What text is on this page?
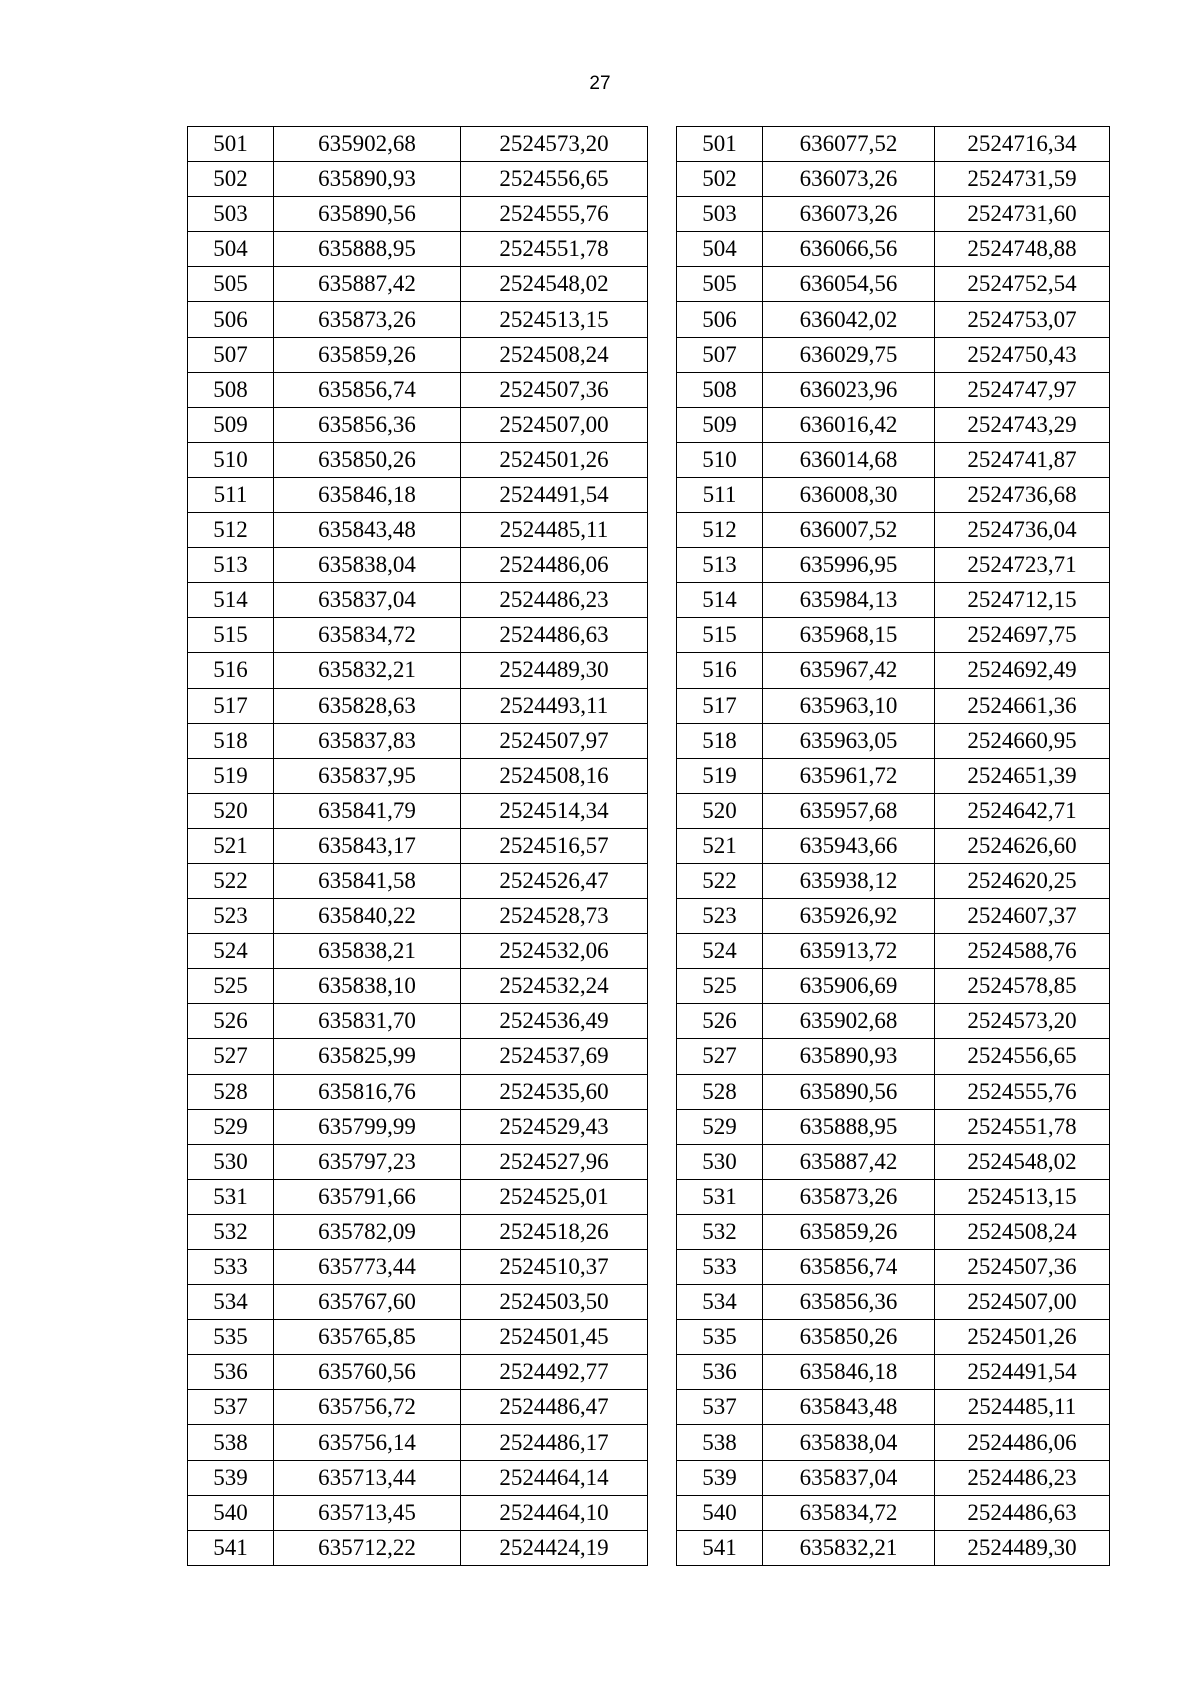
27
501	635902,68	2524573,20
502	635890,93	2524556,65
503	635890,56	2524555,76
504	635888,95	2524551,78
505	635887,42	2524548,02
506	635873,26	2524513,15
507	635859,26	2524508,24
508	635856,74	2524507,36
509	635856,36	2524507,00
510	635850,26	2524501,26
511	635846,18	2524491,54
512	635843,48	2524485,11
513	635838,04	2524486,06
514	635837,04	2524486,23
515	635834,72	2524486,63
516	635832,21	2524489,30
517	635828,63	2524493,11
518	635837,83	2524507,97
519	635837,95	2524508,16
520	635841,79	2524514,34
521	635843,17	2524516,57
522	635841,58	2524526,47
523	635840,22	2524528,73
524	635838,21	2524532,06
525	635838,10	2524532,24
526	635831,70	2524536,49
527	635825,99	2524537,69
528	635816,76	2524535,60
529	635799,99	2524529,43
530	635797,23	2524527,96
531	635791,66	2524525,01
532	635782,09	2524518,26
533	635773,44	2524510,37
534	635767,60	2524503,50
535	635765,85	2524501,45
536	635760,56	2524492,77
537	635756,72	2524486,47
538	635756,14	2524486,17
539	635713,44	2524464,14
540	635713,45	2524464,10
541	635712,22	2524424,19
501	636077,52	2524716,34
502	636073,26	2524731,59
503	636073,26	2524731,60
504	636066,56	2524748,88
505	636054,56	2524752,54
506	636042,02	2524753,07
507	636029,75	2524750,43
508	636023,96	2524747,97
509	636016,42	2524743,29
510	636014,68	2524741,87
511	636008,30	2524736,68
512	636007,52	2524736,04
513	635996,95	2524723,71
514	635984,13	2524712,15
515	635968,15	2524697,75
516	635967,42	2524692,49
517	635963,10	2524661,36
518	635963,05	2524660,95
519	635961,72	2524651,39
520	635957,68	2524642,71
521	635943,66	2524626,60
522	635938,12	2524620,25
523	635926,92	2524607,37
524	635913,72	2524588,76
525	635906,69	2524578,85
526	635902,68	2524573,20
527	635890,93	2524556,65
528	635890,56	2524555,76
529	635888,95	2524551,78
530	635887,42	2524548,02
531	635873,26	2524513,15
532	635859,26	2524508,24
533	635856,74	2524507,36
534	635856,36	2524507,00
535	635850,26	2524501,26
536	635846,18	2524491,54
537	635843,48	2524485,11
538	635838,04	2524486,06
539	635837,04	2524486,23
540	635834,72	2524486,63
541	635832,21	2524489,30
